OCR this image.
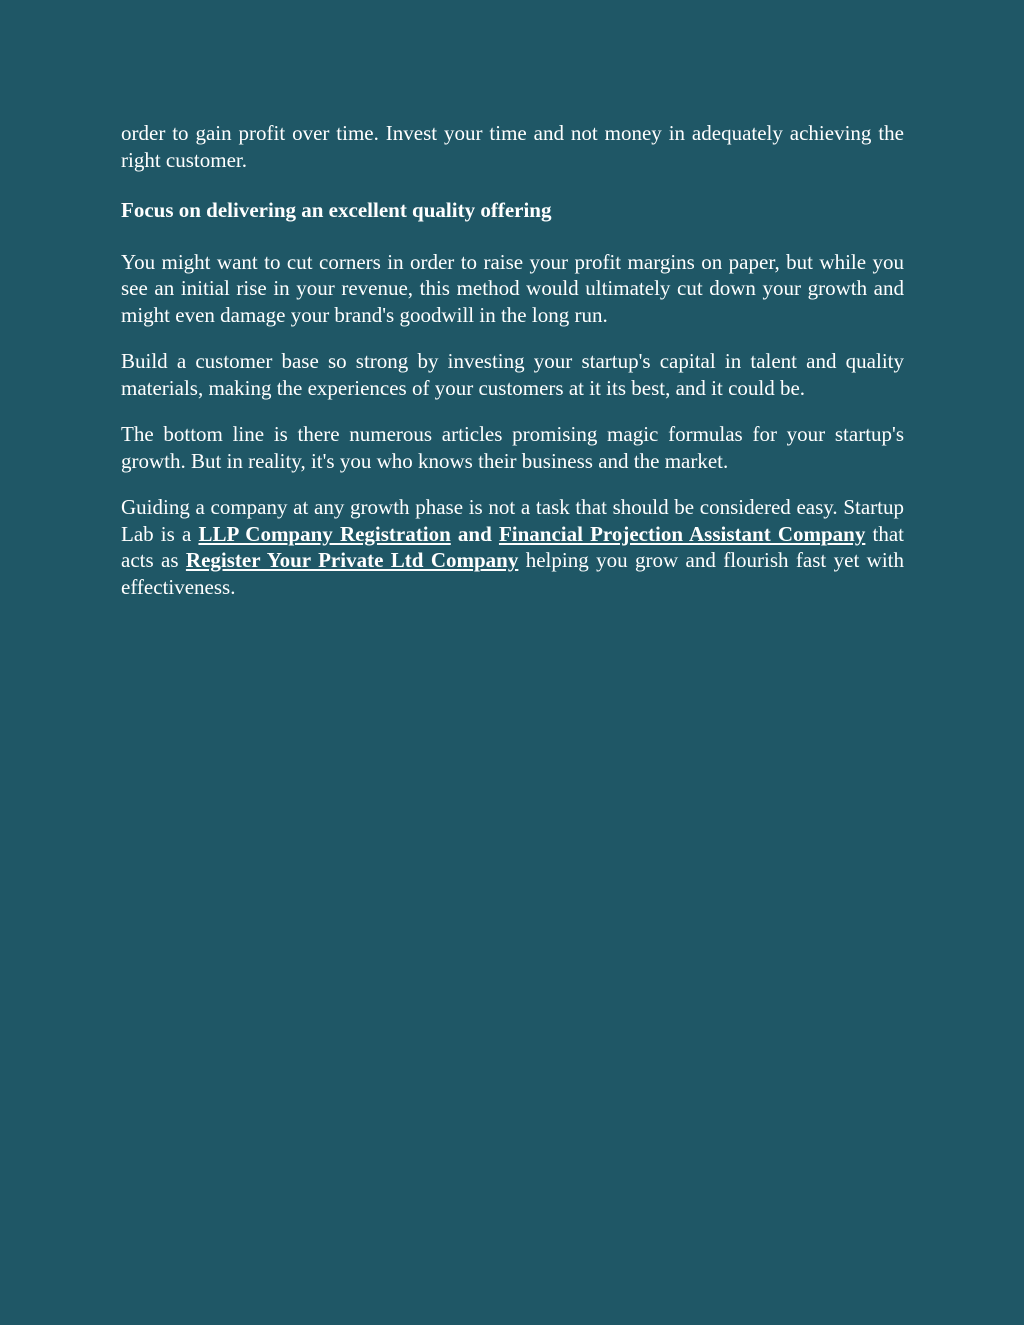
order to gain profit over time. Invest your time and not money in adequately achieving the right customer.

Focus on delivering an excellent quality offering

You might want to cut corners in order to raise your profit margins on paper, but while you see an initial rise in your revenue, this method would ultimately cut down your growth and might even damage your brand's goodwill in the long run.

Build a customer base so strong by investing your startup's capital in talent and quality materials, making the experiences of your customers at it its best, and it could be.

The bottom line is there numerous articles promising magic formulas for your startup's growth. But in reality, it's you who knows their business and the market.

Guiding a company at any growth phase is not a task that should be considered easy. Startup Lab is a LLP Company Registration and Financial Projection Assistant Company that acts as Register Your Private Ltd Company helping you grow and flourish fast yet with effectiveness.
